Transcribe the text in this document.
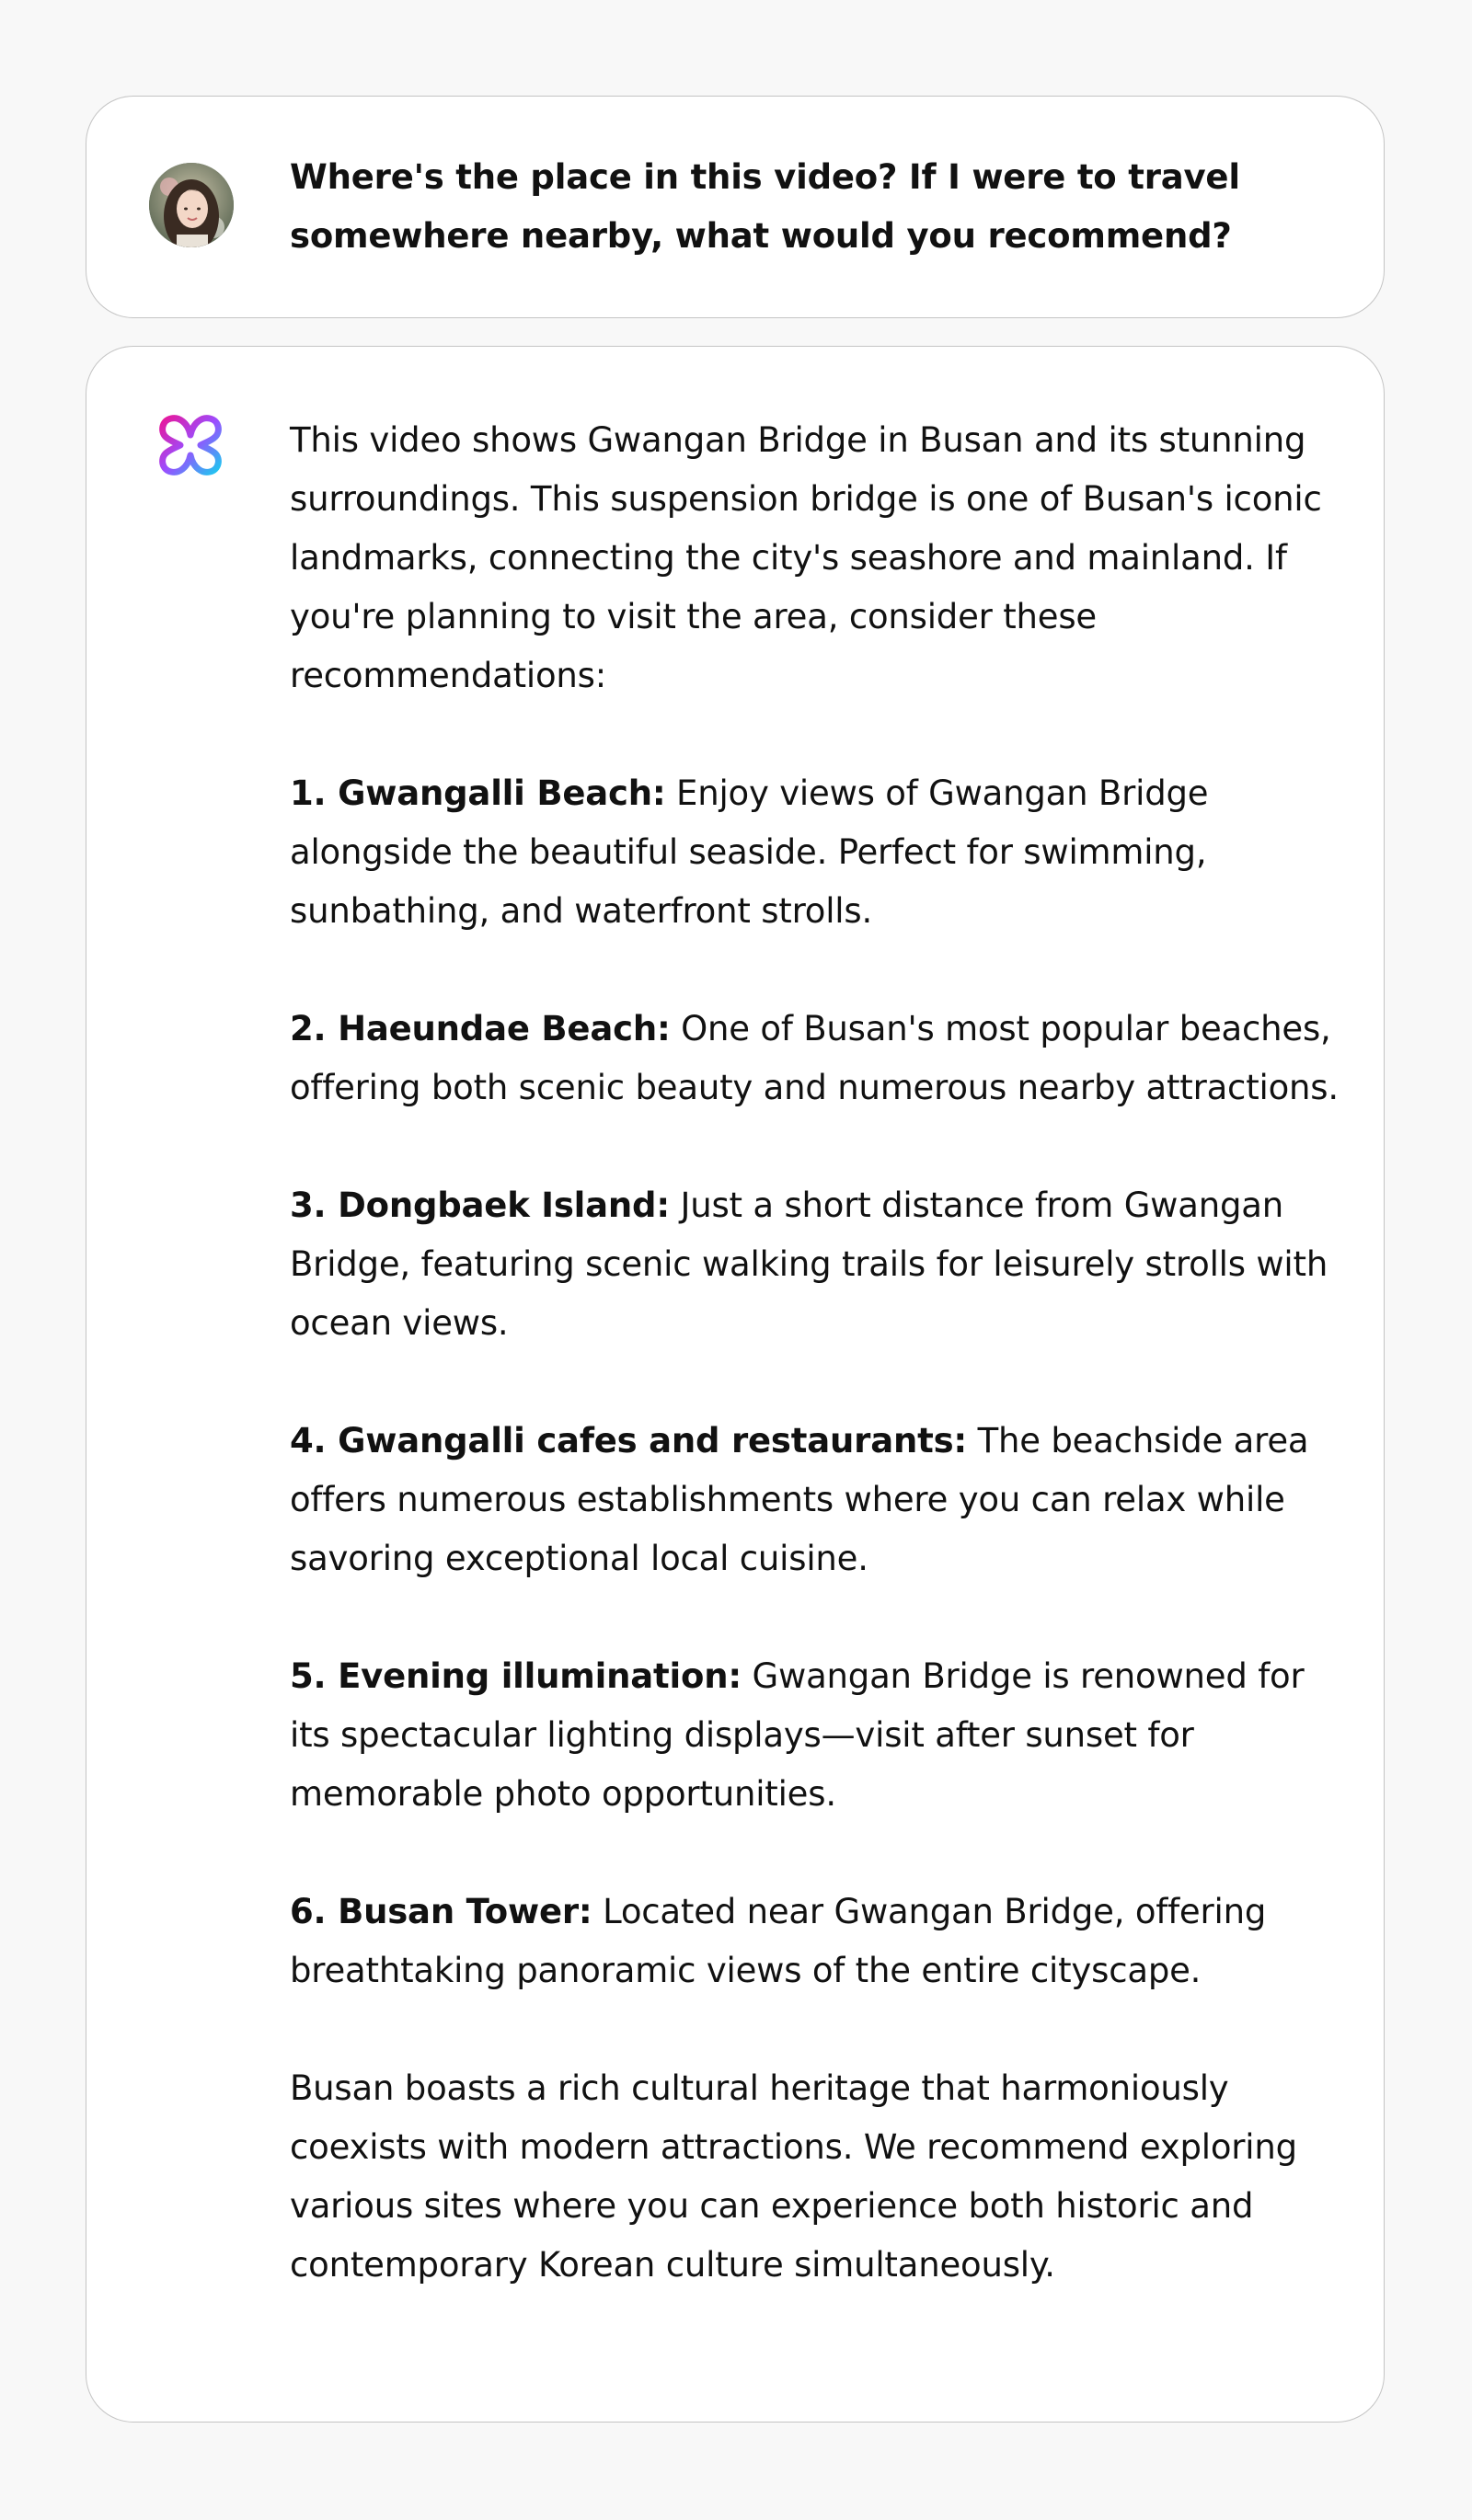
Where's the place in this video? If I were to travel somewhere nearby, what would you recommend?

This video shows Gwangan Bridge in Busan and its stunning surroundings. This suspension bridge is one of Busan's iconic landmarks, connecting the city's seashore and mainland. If you're planning to visit the area, consider these recommendations:

1. Gwangalli Beach: Enjoy views of Gwangan Bridge alongside the beautiful seaside. Perfect for swimming, sunbathing, and waterfront strolls.

2. Haeundae Beach: One of Busan's most popular beaches, offering both scenic beauty and numerous nearby attractions.

3. Dongbaek Island: Just a short distance from Gwangan Bridge, featuring scenic walking trails for leisurely strolls with ocean views.

4. Gwangalli cafes and restaurants: The beachside area offers numerous establishments where you can relax while savoring exceptional local cuisine.

5. Evening illumination: Gwangan Bridge is renowned for its spectacular lighting displays—visit after sunset for memorable photo opportunities.

6. Busan Tower: Located near Gwangan Bridge, offering breathtaking panoramic views of the entire cityscape.

Busan boasts a rich cultural heritage that harmoniously coexists with modern attractions. We recommend exploring various sites where you can experience both historic and contemporary Korean culture simultaneously.
